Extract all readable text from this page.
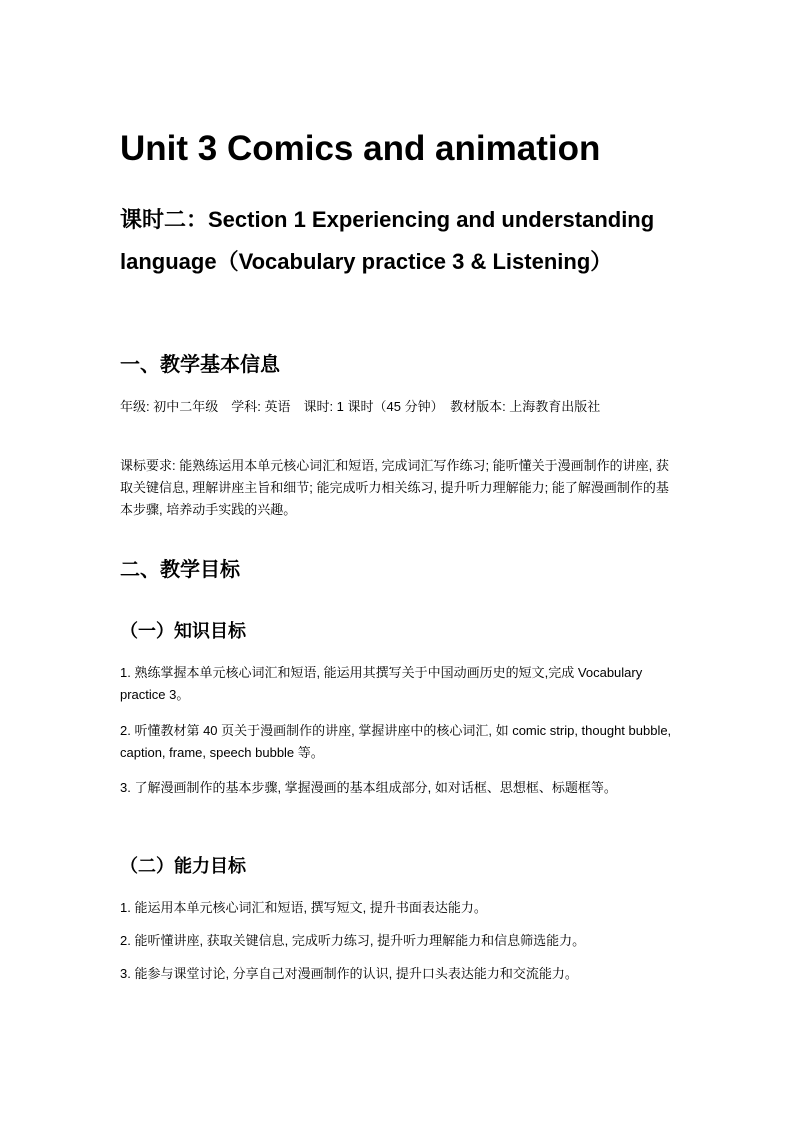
Unit 3 Comics and animation
课时二：Section 1 Experiencing and understanding language（Vocabulary practice 3 & Listening）
一、教学基本信息
年级: 初中二年级　学科: 英语　课时: 1 课时（45 分钟）　教材版本: 上海教育出版社
课标要求: 能熟练运用本单元核心词汇和短语, 完成词汇写作练习; 能听懂关于漫画制作的讲座, 获取关键信息, 理解讲座主旨和细节; 能完成听力相关练习, 提升听力理解能力; 能了解漫画制作的基本步骤, 培养动手实践的兴趣。
二、教学目标
（一）知识目标
1. 熟练掌握本单元核心词汇和短语, 能运用其撰写关于中国动画历史的短文,完成 Vocabulary practice 3。
2. 听懂教材第 40 页关于漫画制作的讲座, 掌握讲座中的核心词汇, 如 comic strip, thought bubble, caption, frame, speech bubble 等。
3. 了解漫画制作的基本步骤, 掌握漫画的基本组成部分, 如对话框、思想框、标题框等。
（二）能力目标
1. 能运用本单元核心词汇和短语, 撰写短文, 提升书面表达能力。
2. 能听懂讲座, 获取关键信息, 完成听力练习, 提升听力理解能力和信息筛选能力。
3. 能参与课堂讨论, 分享自己对漫画制作的认识, 提升口头表达能力和交流能力。
